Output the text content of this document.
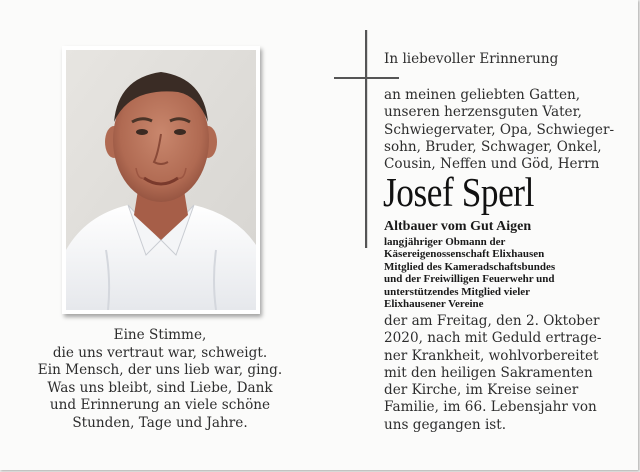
Eine Stimme,
die uns vertraut war, schweigt.
Ein Mensch, der uns lieb war, ging.
Was uns bleibt, sind Liebe, Dank
und Erinnerung an viele schöne
Stunden, Tage und Jahre.
In liebevoller Erinnerung
an meinen geliebten Gatten,
unseren herzensguten Vater,
Schwiegervater, Opa, Schwieger-
sohn, Bruder, Schwager, Onkel,
Cousin, Neffen und Göd, Herrn
Josef Sperl
Altbauer vom Gut Aigen
langjähriger Obmann der
Käsereigenossenschaft Elixhausen
Mitglied des Kameradschaftsbundes
und der Freiwilligen Feuerwehr und
unterstützendes Mitglied vieler
Elixhausener Vereine
der am Freitag, den 2. Oktober
2020, nach mit Geduld ertrage-
ner Krankheit, wohlvorbereitet
mit den heiligen Sakramenten
der Kirche, im Kreise seiner
Familie, im 66. Lebensjahr von
uns gegangen ist.
